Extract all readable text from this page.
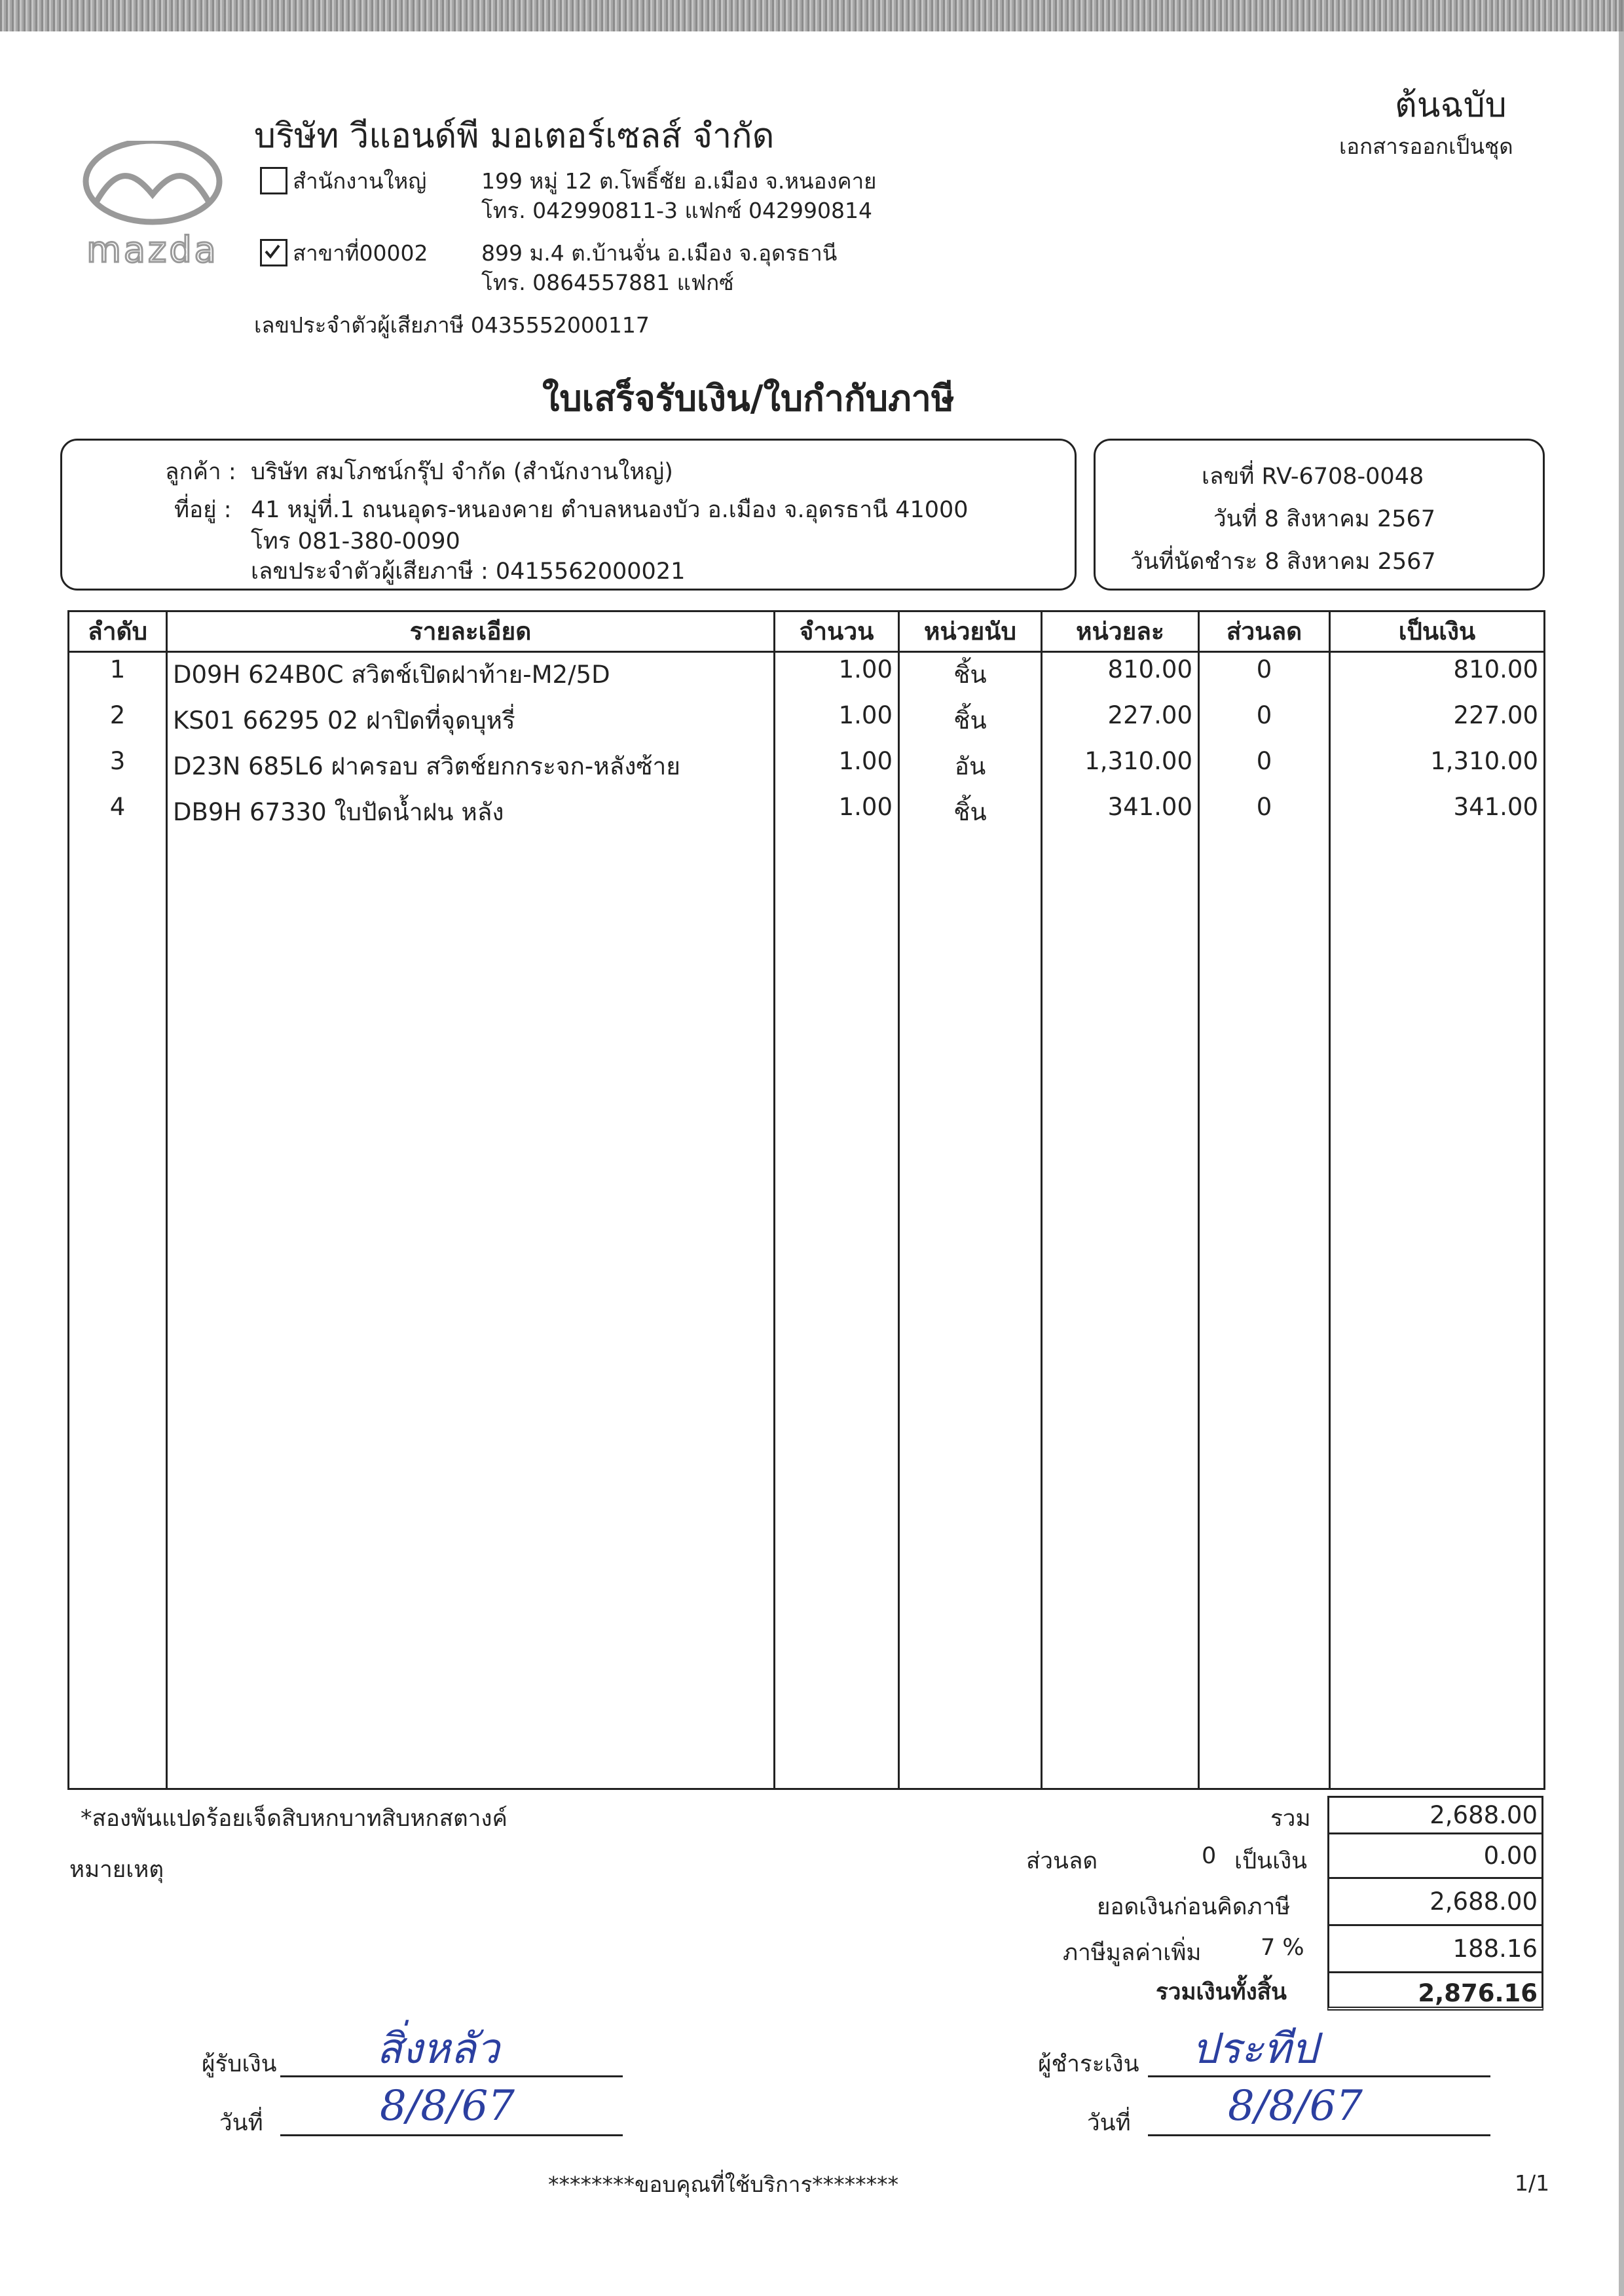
mazda
บริษัท วีแอนด์พี มอเตอร์เซลส์ จำกัด
สำนักงานใหญ่	199 หมู่ 12 ต.โพธิ์ชัย อ.เมือง จ.หนองคาย
โทร. 042990811-3 แฟกซ์ 042990814
สาขาที่00002 899 ม.4 ต.บ้านจั่น อ.เมือง จ.อุดรธานี
โทร. 0864557881 แฟกซ์
เลขประจำตัวผู้เสียภาษี 0435552000117
ต้นฉบับ
เอกสารออกเป็นชุด
ใบเสร็จรับเงิน/ใบกำกับภาษี
ลูกค้า : บริษัท สมโภชน์กรุ๊ป จำกัด (สำนักงานใหญ่)
ที่อยู่ : 41 หมู่ที่.1 ถนนอุดร-หนองคาย ตำบลหนองบัว อ.เมือง จ.อุดรธานี 41000
โทร 081-380-0090
เลขประจำตัวผู้เสียภาษี : 0415562000021
เลขที่ RV-6708-0048
วันที่ 8 สิงหาคม 2567
วันที่นัดชำระ 8 สิงหาคม 2567
ลำดับ	รายละเอียด	จำนวน	หน่วยนับ	หน่วยละ	ส่วนลด	เป็นเงิน
1	D09H 624B0C สวิตช์เปิดฝาท้าย-M2/5D	1.00	ชิ้น	810.00	0	810.00
2	KS01 66295 02 ฝาปิดที่จุดบุหรี่	1.00	ชิ้น	227.00	0	227.00
3	D23N 685L6 ฝาครอบ สวิตช์ยกกระจก-หลังซ้าย	1.00	อัน	1,310.00	0	1,310.00
4	DB9H 67330 ใบปัดน้ำฝน หลัง	1.00	ชิ้น	341.00	0	341.00

*สองพันแปดร้อยเจ็ดสิบหกบาทสิบหกสตางค์
หมายเหตุ
รวม	2,688.00
ส่วนลด	0 เป็นเงิน	0.00
ยอดเงินก่อนคิดภาษี	2,688.00
ภาษีมูลค่าเพิ่ม	7 %	188.16
รวมเงินทั้งสิ้น	2,876.16
ผู้รับเงิน สิ่งหลัว
วันที่	8/8/67
ผู้ชำระเงิน ประทีป
วันที่ 8/8/67
********ขอบคุณที่ใช้บริการ********	1/1
